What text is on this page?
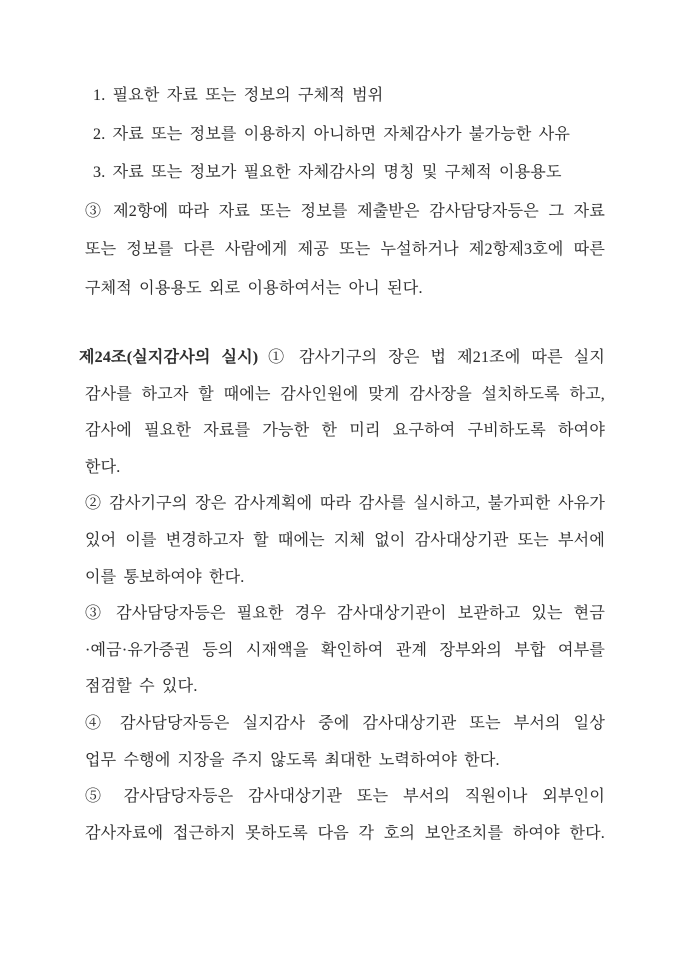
1. 필요한 자료 또는 정보의 구체적 범위
2. 자료 또는 정보를 이용하지 아니하면 자체감사가 불가능한 사유
3. 자료 또는 정보가 필요한 자체감사의 명칭 및 구체적 이용용도
③ 제2항에 따라 자료 또는 정보를 제출받은 감사담당자등은 그 자료
또는 정보를 다른 사람에게 제공 또는 누설하거나 제2항제3호에 따른
구체적 이용용도 외로 이용하여서는 아니 된다.
제24조(실지감사의 실시) ① 감사기구의 장은 법 제21조에 따른 실지
감사를 하고자 할 때에는 감사인원에 맞게 감사장을 설치하도록 하고,
감사에 필요한 자료를 가능한 한 미리 요구하여 구비하도록 하여야
한다.
② 감사기구의 장은 감사계획에 따라 감사를 실시하고, 불가피한 사유가
있어 이를 변경하고자 할 때에는 지체 없이 감사대상기관 또는 부서에
이를 통보하여야 한다.
③ 감사담당자등은 필요한 경우 감사대상기관이 보관하고 있는 현금
·예금·유가증권 등의 시재액을 확인하여 관계 장부와의 부합 여부를
점검할 수 있다.
④ 감사담당자등은 실지감사 중에 감사대상기관 또는 부서의 일상
업무 수행에 지장을 주지 않도록 최대한 노력하여야 한다.
⑤ 감사담당자등은 감사대상기관 또는 부서의 직원이나 외부인이
감사자료에 접근하지 못하도록 다음 각 호의 보안조치를 하여야 한다.
